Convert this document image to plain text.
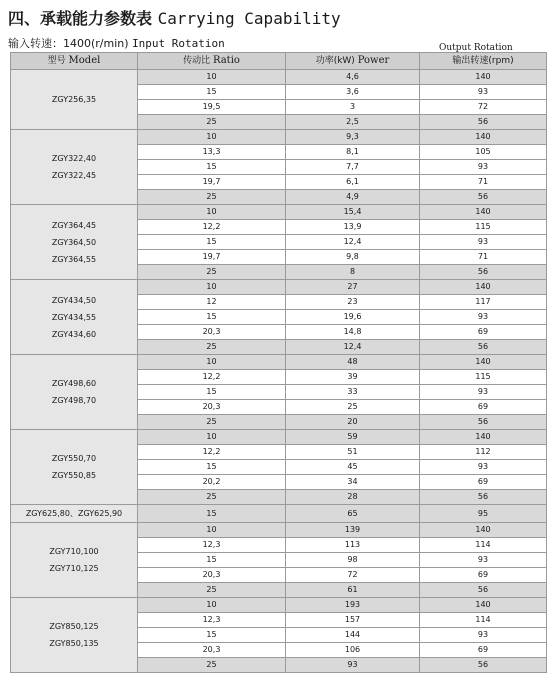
四、承载能力参数表 Carrying Capability
输入转速：1400(r/min) Input Rotation	Output Rotation
型号 Model	传动比 Ratio	功率(kW) Power	输出转速(rpm)

ZGY256,35	10	4,6	140
	15	3,6	93
	19,5	3	72
	25	2,5	56

ZGY322,40
ZGY322,45	10	9,3	140
	13,3	8,1	105
	15	7,7	93
	19,7	6,1	71
	25	4,9	56

ZGY364,45
ZGY364,50
ZGY364,55	10	15,4	140
	12,2	13,9	115
	15	12,4	93
	19,7	9,8	71
	25	8	56

ZGY434,50
ZGY434,55
ZGY434,60	10	27	140
	12	23	117
	15	19,6	93
	20,3	14,8	69
	25	12,4	56

ZGY498,60
ZGY498,70	10	48	140
	12,2	39	115
	15	33	93
	20,3	25	69
	25	20	56

ZGY550,70
ZGY550,85	10	59	140
	12,2	51	112
	15	45	93
	20,2	34	69
	25	28	56

ZGY625,80、ZGY625,90	15	65	95

ZGY710,100
ZGY710,125	10	139	140
	12,3	113	114
	15	98	93
	20,3	72	69
	25	61	56

ZGY850,125
ZGY850,135	10	193	140
	12,3	157	114
	15	144	93
	20,3	106	69
	25	93	56
